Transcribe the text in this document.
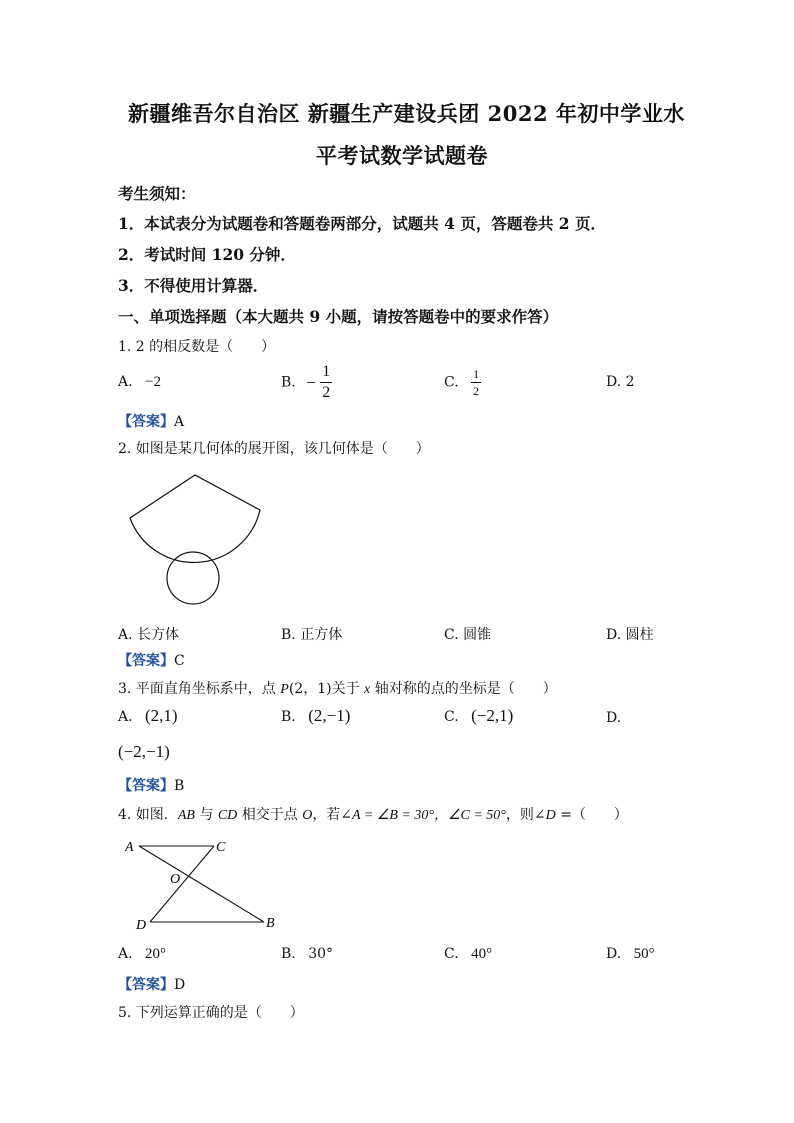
新疆维吾尔自治区 新疆生产建设兵团 2022 年初中学业水
平考试数学试题卷
考生须知：
1．本试表分为试题卷和答题卷两部分，试题共 4 页，答题卷共 2 页．
2．考试时间 120 分钟．
3．不得使用计算器．
一、单项选择题（本大题共 9 小题，请按答题卷中的要求作答）
1. 2 的相反数是（　　）
A. −2	B. − $\frac{1}{2}$	C. $\frac{1}{2}$	D. 2
【答案】A
2. 如图是某几何体的展开图，该几何体是（　　）
A. 长方体	B. 正方体	C. 圆锥	D. 圆柱
【答案】C
3. 平面直角坐标系中，点 P(2，1)关于 x 轴对称的点的坐标是（　　）
A. (2,1)	B. (2,−1)	C. (−2,1)	D.
(−2,−1)
【答案】B
4. 如图．AB 与 CD 相交于点 O，若∠A = ∠B = 30°，∠C = 50°，则∠D =（　　）
A	C
O
D	B
A. 20°	B. 30°	C. 40°	D. 50°
【答案】D
5. 下列运算正确的是（　　）
